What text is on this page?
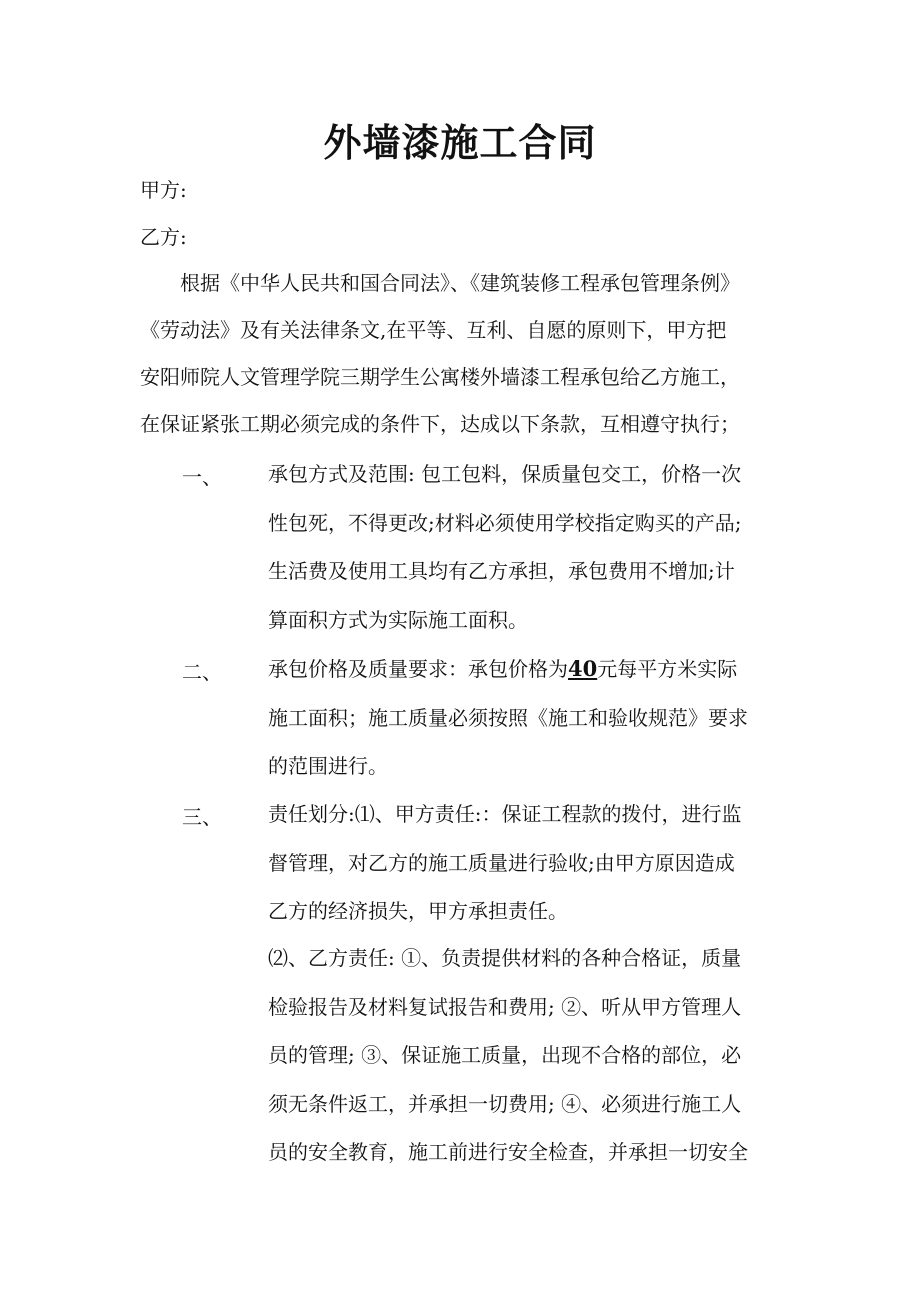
外墙漆施工合同
甲方:
乙方:
　　根据《中华人民共和国合同法》、《建筑装修工程承包管理条例》
《劳动法》及有关法律条文,在平等、互利、自愿的原则下，甲方把
安阳师院人文管理学院三期学生公寓楼外墙漆工程承包给乙方施工，
在保证紧张工期必须完成的条件下，达成以下条款，互相遵守执行；
一、 承包方式及范围: 包工包料，保质量包交工，价格一次
性包死，不得更改;材料必须使用学校指定购买的产品;
生活费及使用工具均有乙方承担，承包费用不增加;计
算面积方式为实际施工面积。
二、 承包价格及质量要求：承包价格为40元每平方米实际
施工面积；施工质量必须按照《施工和验收规范》要求
的范围进行。
三、 责任划分:⑴、甲方责任:：保证工程款的拨付，进行监
督管理，对乙方的施工质量进行验收;由甲方原因造成
乙方的经济损失，甲方承担责任。
⑵、乙方责任: ①、负责提供材料的各种合格证，质量
检验报告及材料复试报告和费用; ②、听从甲方管理人
员的管理; ③、保证施工质量，出现不合格的部位，必
须无条件返工，并承担一切费用; ④、必须进行施工人
员的安全教育，施工前进行安全检查，并承担一切安全
